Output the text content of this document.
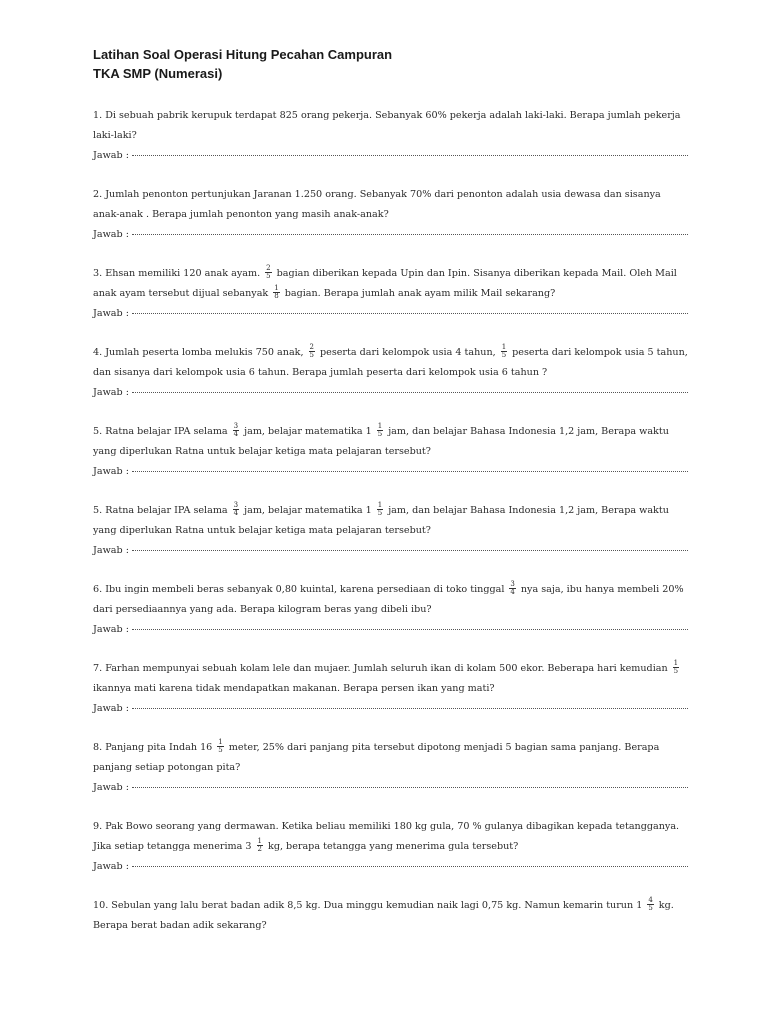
Latihan Soal Operasi Hitung Pecahan Campuran
TKA SMP (Numerasi)

1. Di sebuah pabrik kerupuk terdapat 825 orang pekerja. Sebanyak 60% pekerja adalah laki-laki. Berapa jumlah pekerja laki-laki?

Jawab :

2. Jumlah penonton pertunjukan Jaranan 1.250 orang. Sebanyak 70% dari penonton adalah usia dewasa dan sisanya anak-anak . Berapa jumlah penonton yang masih anak-anak?

Jawab :

3. Ehsan memiliki 120 anak ayam. $\frac{2}{5}$ bagian diberikan kepada Upin dan Ipin. Sisanya diberikan kepada Mail. Oleh Mail anak ayam tersebut dijual sebanyak $\frac{1}{8}$ bagian. Berapa jumlah anak ayam milik Mail sekarang?

Jawab :

4. Jumlah peserta lomba melukis 750 anak, $\frac{2}{5}$ peserta dari kelompok usia 4 tahun, $\frac{1}{5}$ peserta dari kelompok usia 5 tahun, dan sisanya dari kelompok usia 6 tahun. Berapa jumlah peserta dari kelompok usia 6 tahun ?

Jawab :

5. Ratna belajar IPA selama $\frac{3}{4}$ jam, belajar matematika $1 \frac{1}{5}$ jam, dan belajar Bahasa Indonesia 1,2 jam, Berapa waktu yang diperlukan Ratna untuk belajar ketiga mata pelajaran tersebut?

Jawab :

5. Ratna belajar IPA selama $\frac{3}{4}$ jam, belajar matematika $1 \frac{1}{5}$ jam, dan belajar Bahasa Indonesia 1,2 jam, Berapa waktu yang diperlukan Ratna untuk belajar ketiga mata pelajaran tersebut?

Jawab :

6. Ibu ingin membeli beras sebanyak 0,80 kuintal, karena persediaan di toko tinggal $\frac{3}{4}$ nya saja, ibu hanya membeli 20% dari persediaannya yang ada. Berapa kilogram beras yang dibeli ibu?

Jawab :

7. Farhan mempunyai sebuah kolam lele dan mujaer. Jumlah seluruh ikan di kolam 500 ekor. Beberapa hari kemudian $\frac{1}{5}$
ikannya mati karena tidak mendapatkan makanan. Berapa persen ikan yang mati?

Jawab :

8. Panjang pita Indah $16 \frac{1}{5}$ meter, 25% dari panjang pita tersebut dipotong menjadi 5 bagian sama panjang. Berapa panjang setiap potongan pita?

Jawab :

9. Pak Bowo seorang yang dermawan. Ketika beliau memiliki 180 kg gula, 70 % gulanya dibagikan kepada tetangganya. Jika setiap tetangga menerima $3 \frac{1}{2}$ kg, berapa tetangga yang menerima gula tersebut?

Jawab :

10. Sebulan yang lalu berat badan adik 8,5 kg. Dua minggu kemudian naik lagi 0,75 kg. Namun kemarin turun $1 \frac{4}{5}$ kg. Berapa berat badan adik sekarang?
